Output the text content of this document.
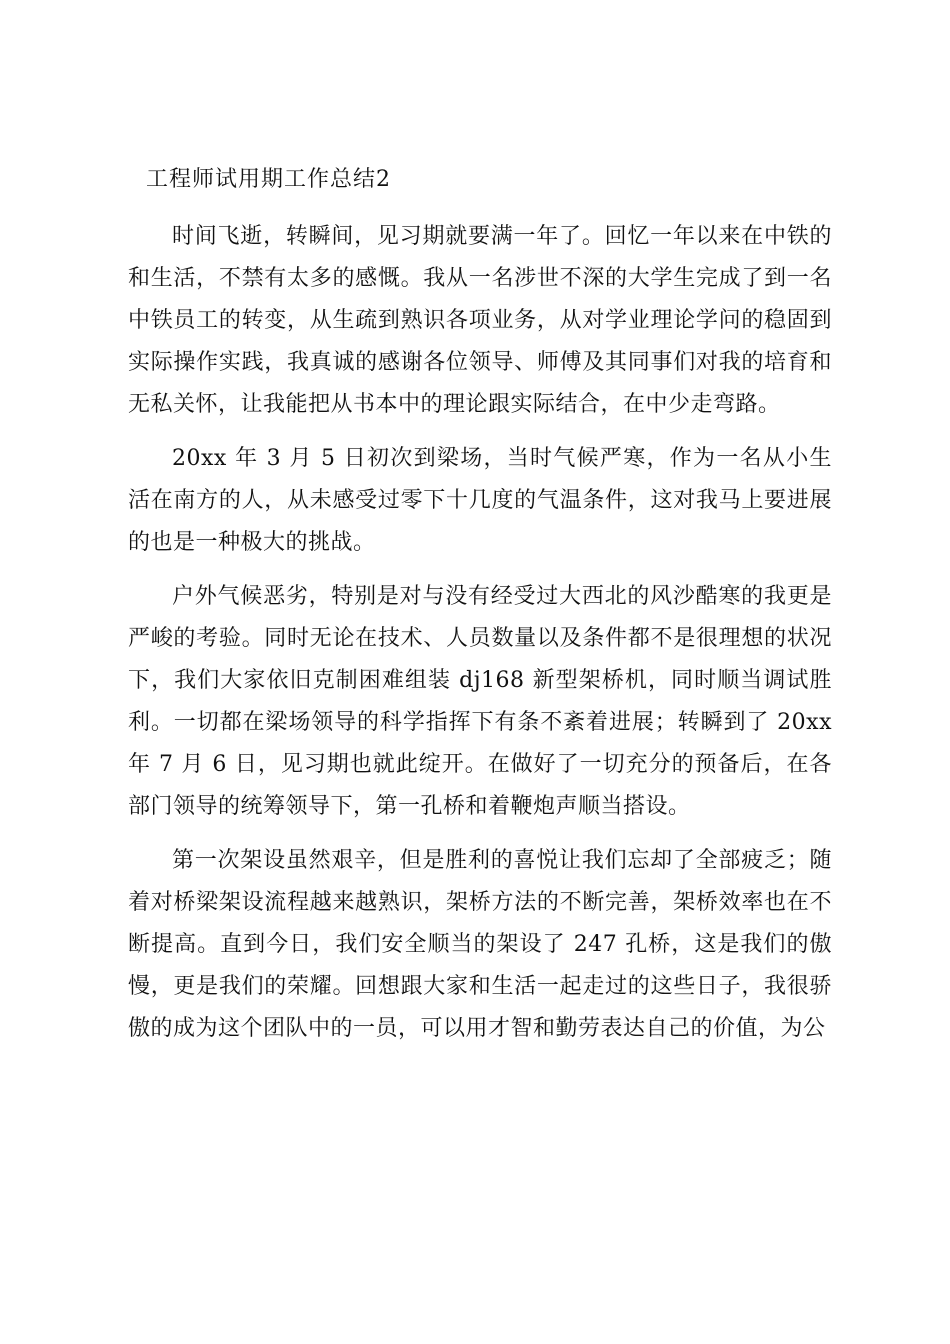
工程师试用期工作总结2

时间飞逝，转瞬间，见习期就要满一年了。回忆一年以来在中铁的和生活，不禁有太多的感慨。我从一名涉世不深的大学生完成了到一名中铁员工的转变，从生疏到熟识各项业务，从对学业理论学问的稳固到实际操作实践，我真诚的感谢各位领导、师傅及其同事们对我的培育和无私关怀，让我能把从书本中的理论跟实际结合，在中少走弯路。

20xx 年 3 月 5 日初次到梁场，当时气候严寒，作为一名从小生活在南方的人，从未感受过零下十几度的气温条件，这对我马上要进展的也是一种极大的挑战。

户外气候恶劣，特别是对与没有经受过大西北的风沙酷寒的我更是严峻的考验。同时无论在技术、人员数量以及条件都不是很理想的状况下，我们大家依旧克制困难组装 dj168 新型架桥机，同时顺当调试胜利。一切都在梁场领导的科学指挥下有条不紊着进展；转瞬到了 20xx 年 7 月 6 日，见习期也就此绽开。在做好了一切充分的预备后，在各部门领导的统筹领导下，第一孔桥和着鞭炮声顺当搭设。

第一次架设虽然艰辛，但是胜利的喜悦让我们忘却了全部疲乏；随着对桥梁架设流程越来越熟识，架桥方法的不断完善，架桥效率也在不断提高。直到今日，我们安全顺当的架设了 247 孔桥，这是我们的傲慢，更是我们的荣耀。回想跟大家和生活一起走过的这些日子，我很骄傲的成为这个团队中的一员，可以用才智和勤劳表达自己的价值，为公
